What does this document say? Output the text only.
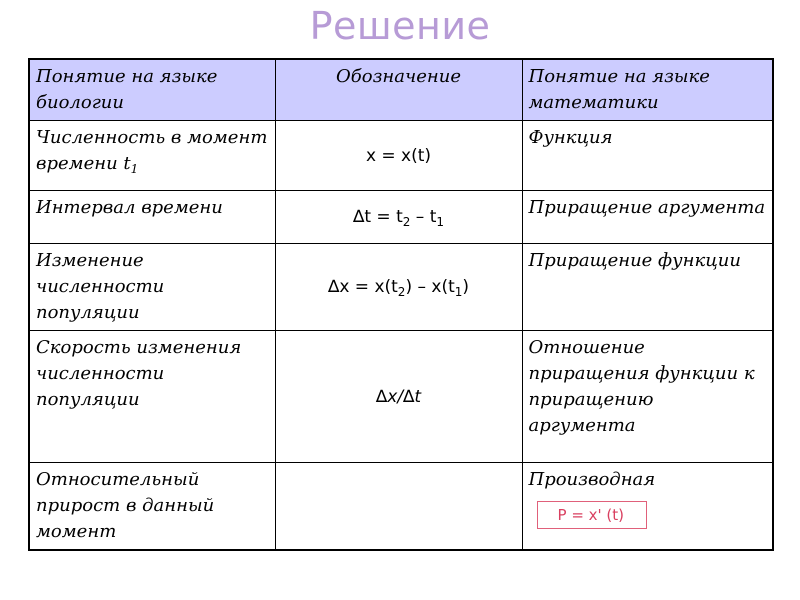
Решение
Понятие на языке биологии	Обозначение	Понятие на языке математики
Численность в момент времени $t_1$	x = x(t)	Функция
Интервал времени	$\Delta t = t_2 - t_1$	Приращение аргумента
Изменение численности популяции	$\Delta x = x(t_2) - x(t_1)$	Приращение функции
Скорость изменения численности популяции	∆x/∆t	Отношение приращения функции к приращению аргумента
Относительный прирост в данный момент		Производная
P = x' (t)
